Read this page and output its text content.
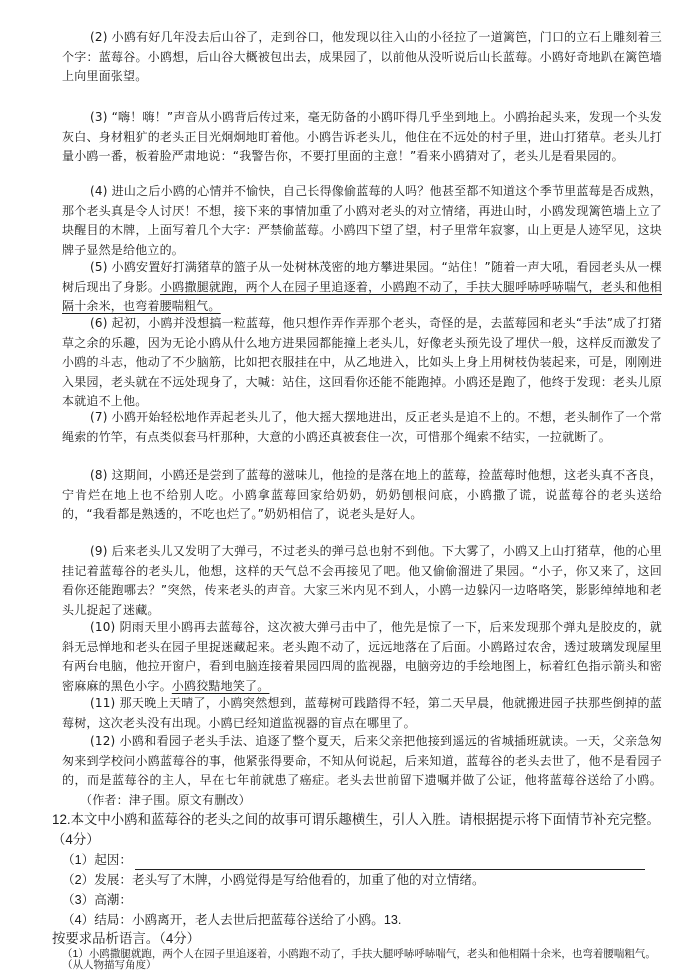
(2) 小鸥有好几年没去后山谷了，走到谷口，他发现以往入山的小径拉了一道篱笆，门口的立石上雕刻着三个字：蓝莓谷。小鸥想，后山谷大概被包出去，成果园了，以前他从没听说后山长蓝莓。小鸥好奇地趴在篱笆墙上向里面张望。
(3) “嗨！嗨！”声音从小鸥背后传过来，毫无防备的小鸥吓得几乎坐到地上。小鸥抬起头来，发现一个头发灰白、身材粗犷的老头正目光炯炯地盯着他。小鸥告诉老头儿，他住在不远处的村子里，进山打猪草。老头儿打量小鸥一番，板着脸严肃地说：“我警告你，不要打里面的主意！”看来小鸥猜对了，老头儿是看果园的。
(4) 进山之后小鸥的心情并不愉快，自己长得像偷蓝莓的人吗？他甚至都不知道这个季节里蓝莓是否成熟，那个老头真是令人讨厌！不想，接下来的事情加重了小鸥对老头的对立情绪，再进山时，小鸥发现篱笆墙上立了块醒目的木牌，上面写着几个大字：严禁偷蓝莓。小鸥四下望了望，村子里常年寂寥，山上更是人迹罕见，这块牌子显然是给他立的。
(5) 小鸥安置好打满猪草的篮子从一处树林茂密的地方攀进果园。“站住！”随着一声大吼，看园老头从一棵树后现出了身影。小鸥撒腿就跑，两个人在园子里追逐着，小鸥跑不动了，手扶大腿呼哧呼哧喘气，老头和他相隔十余米，也弯着腰喘粗气。
(6) 起初，小鸥并没想搞一粒蓝莓，他只想作弄作弄那个老头，奇怪的是，去蓝莓园和老头“手法”成了打猪草之余的乐趣，因为无论小鸥从什么地方进果园都能撞上老头儿，好像老头预先设了埋伏一般，这样反而激发了小鸥的斗志，他动了不少脑筋，比如把衣服挂在中，从乙地进入，比如头上身上用树枝伪装起来，可是，刚刚进入果园，老头就在不远处现身了，大喊：站住，这回看你还能不能跑掉。小鸥还是跑了，他终于发现：老头儿原本就追不上他。
(7) 小鸥开始轻松地作弄起老头儿了，他大摇大摆地进出，反正老头是追不上的。不想，老头制作了一个常绳索的竹竿，有点类似套马杆那种，大意的小鸥还真被套住一次，可惜那个绳索不结实，一拉就断了。
(8) 这期间，小鸥还是尝到了蓝莓的滋味儿，他捡的是落在地上的蓝莓，捡蓝莓时他想，这老头真不吝良，宁肯烂在地上也不给别人吃。小鸥拿蓝莓回家给奶奶，奶奶刨根问底，小鸥撒了谎，说蓝莓谷的老头送给的，“我看都是熟透的，不吃也烂了。”奶奶相信了，说老头是好人。
(9) 后来老头儿又发明了大弹弓，不过老头的弹弓总也射不到他。下大雾了，小鸥又上山打猪草，他的心里挂记着蓝莓谷的老头儿，他想，这样的天气总不会再接见了吧。他又偷偷溜进了果园。“小子，你又来了，这回看你还能跑哪去？”突然，传来老头的声音。大家三米内见不到人，小鸥一边躲闪一边咯咯笑，影影绰绰地和老头儿捉起了迷藏。
(10) 阴雨天里小鸥再去蓝莓谷，这次被大弹弓击中了，他先是惊了一下，后来发现那个弹丸是胶皮的，就斜无忌惮地和老头在园子里捉迷藏起来。老头跑不动了，远远地落在了后面。小鸥路过农舍，透过玻璃发现屋里有两台电脑，他拉开窗户，看到电脑连接着果园四周的监视器，电脑旁边的手绘地图上，标着红色指示箭头和密密麻麻的黑色小字。小鸥狡黠地笑了。
(11) 那天晚上天晴了，小鸥突然想到，蓝莓树可践踏得不轻，第二天早晨，他就搬进园子扶那些倒掉的蓝莓树，这次老头没有出现。小鸥已经知道监视器的盲点在哪里了。
(12) 小鸥和看园子老头手法、追逐了整个夏天，后来父亲把他接到遥远的省城插班就读。一天，父亲急匆匆来到学校问小鸥蓝莓谷的事，他紧张得要命，不知从何说起，后来知道，蓝莓谷的老头去世了，他不是看园子的，而是蓝莓谷的主人，早在七年前就患了癌症。老头去世前留下遗嘱并做了公证，他将蓝莓谷送给了小鸥。（作者：津子围。原文有删改）
12.本文中小鸥和蓝莓谷的老头之间的故事可谓乐趣横生，引人入胜。请根据提示将下面情节补充完整。（4分）
（1）起因：
（2）发展：老头写了木牌，小鸥觉得是写给他看的，加重了他的对立情绪。
（3）高潮：
（4）结局：小鸥离开，老人去世后把蓝莓谷送给了小鸥。13.
按要求品析语言。（4分）
（1）小鸥撒腿就跑，两个人在园子里追逐着，小鸥跑不动了，手扶大腿呼哧呼哧喘气，老头和他相隔十余米，也弯着腰喘粗气。（从人物描写角度）
